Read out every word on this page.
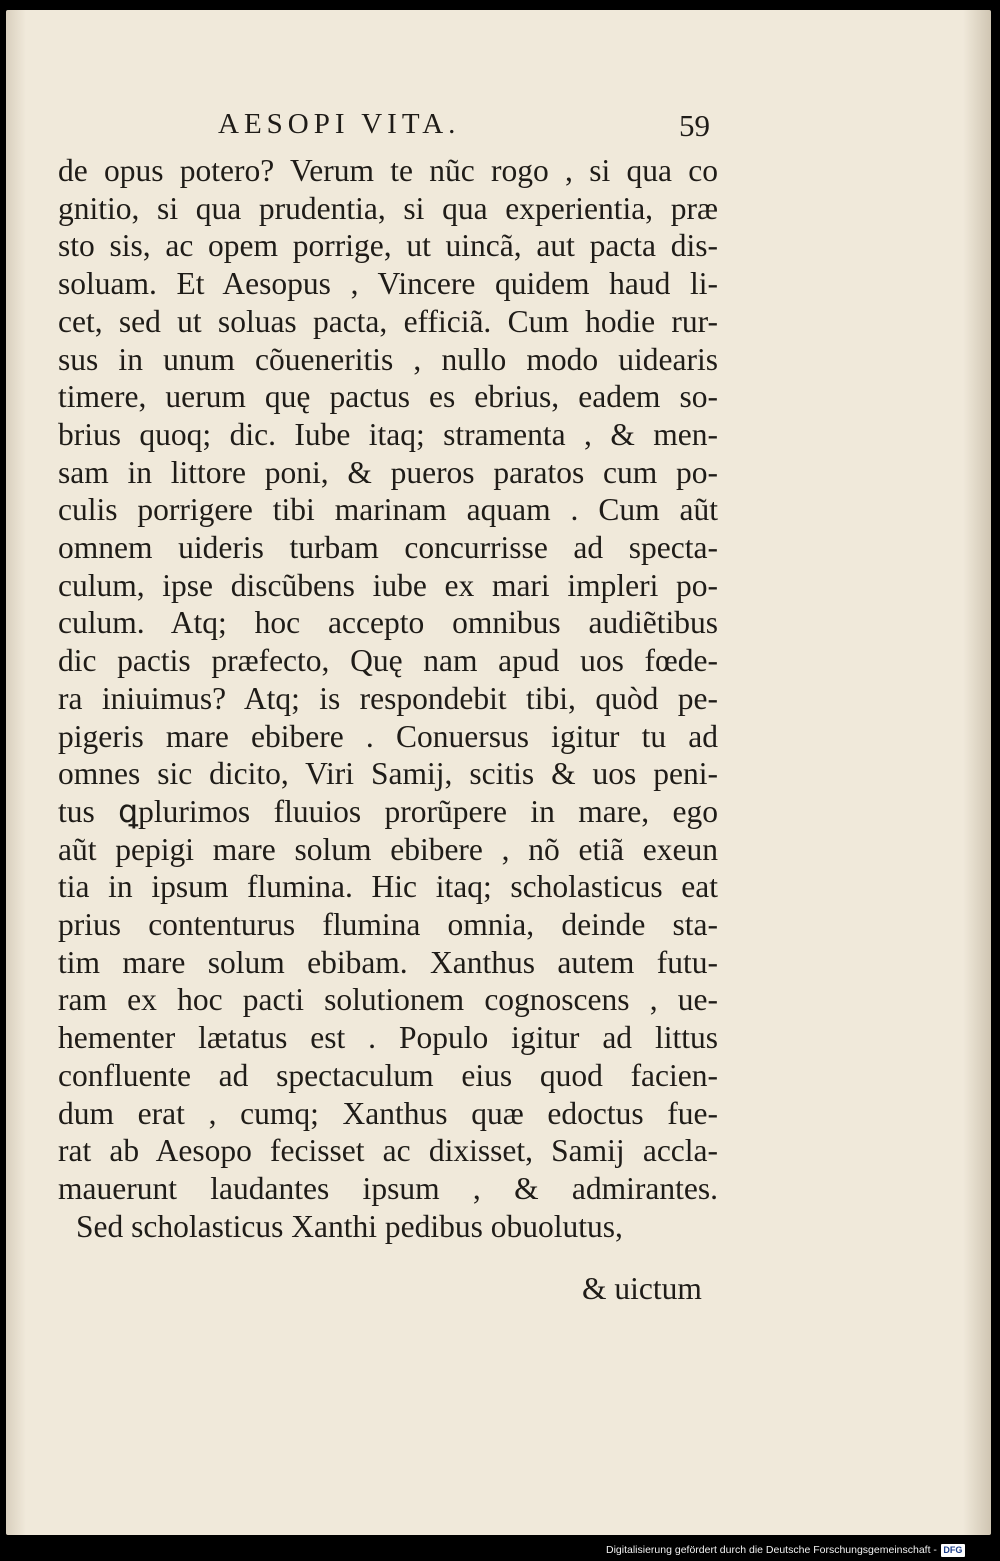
AESOPI VITA.	59
de opus potero? Verum te nũc rogo , si qua co
gnitio, si qua prudentia, si qua experientia, præ
sto sis, ac opem porrige, ut uincã, aut pacta dis-
soluam. Et Aesopus , Vincere quidem haud li-
cet, sed ut soluas pacta, efficiã. Cum hodie rur-
sus in unum cõueneritis , nullo modo uidearis
timere, uerum quę pactus es ebrius, eadem so-
brius quoq; dic. Iube itaq; stramenta , & men-
sam in littore poni, & pueros paratos cum po-
culis porrigere tibi marinam aquam . Cum aũt
omnem uideris turbam concurrisse ad specta-
culum, ipse discũbens iube ex mari impleri po-
culum. Atq; hoc accepto omnibus audiẽtibus
dic pactis præfecto, Quę nam apud uos fœde-
ra iniuimus? Atq; is respondebit tibi, quòd pe-
pigeris mare ebibere . Conuersus igitur tu ad
omnes sic dicito, Viri Samij, scitis & uos peni-
tus ꝗplurimos fluuios prorũpere in mare, ego
aũt pepigi mare solum ebibere , nõ etiã exeun
tia in ipsum flumina. Hic itaq; scholasticus eat
prius contenturus flumina omnia, deinde sta-
tim mare solum ebibam. Xanthus autem futu-
ram ex hoc pacti solutionem cognoscens , ue-
hementer lætatus est . Populo igitur ad littus
confluente ad spectaculum eius quod facien-
dum erat , cumq; Xanthus quæ edoctus fue-
rat ab Aesopo fecisset ac dixisset, Samij accla-
mauerunt laudantes ipsum , & admirantes.
Sed scholasticus Xanthi pedibus obuolutus,
& uictum
Digitalisierung gefördert durch die Deutsche Forschungsgemeinschaft - DFG
